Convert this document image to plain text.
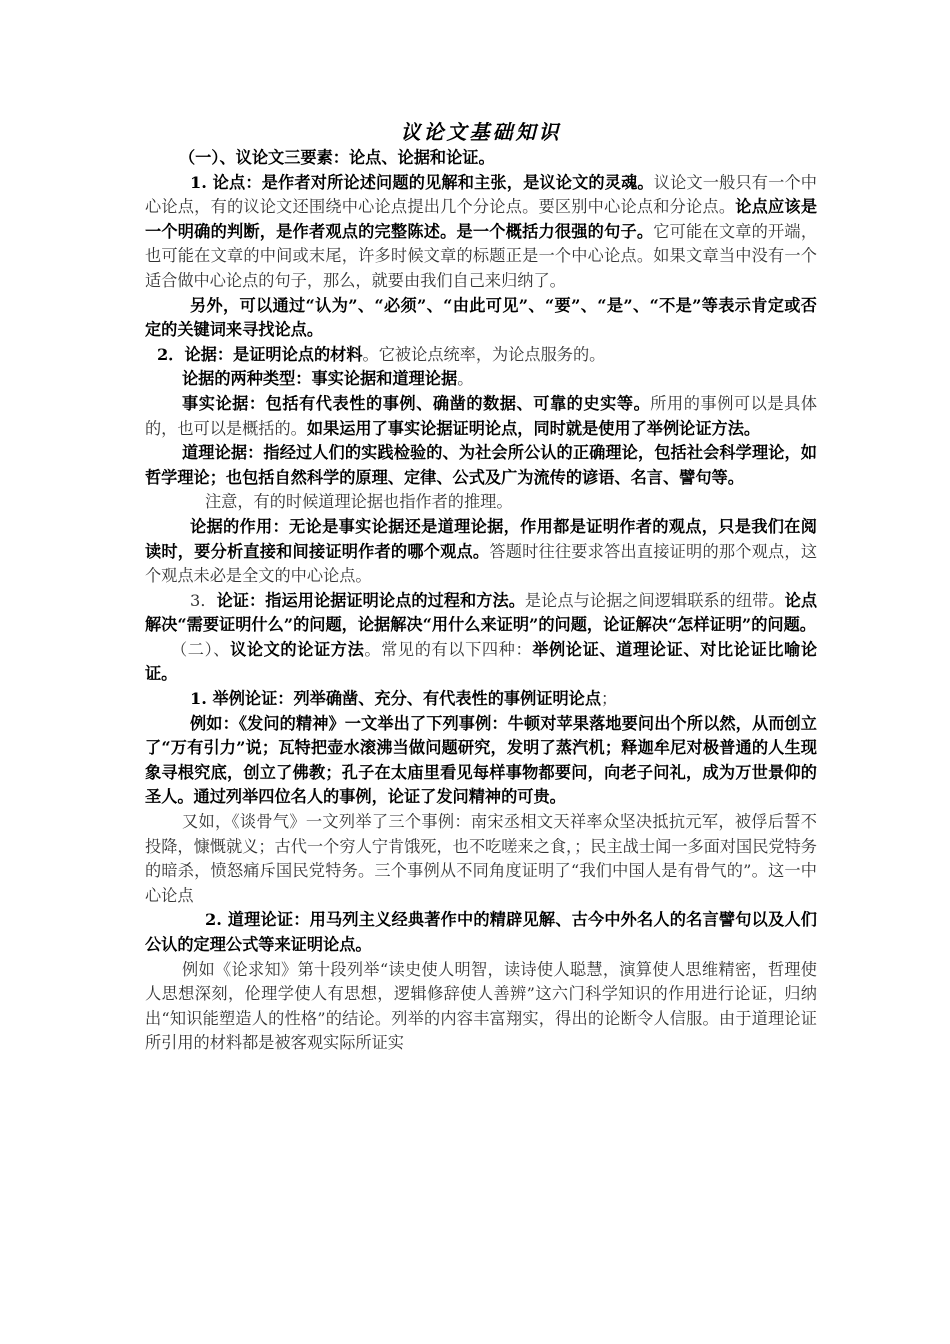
议论文基础知识

（一）、议论文三要素：论点、论据和论证。

1. 论点：是作者对所论述问题的见解和主张，是议论文的灵魂。议论文一般只有一个中心论点，有的议论文还围绕中心论点提出几个分论点。要区别中心论点和分论点。论点应该是一个明确的判断，是作者观点的完整陈述。是一个概括力很强的句子。它可能在文章的开端，也可能在文章的中间或末尾，许多时候文章的标题正是一个中心论点。如果文章当中没有一个适合做中心论点的句子，那么，就要由我们自己来归纳了。

另外，可以通过“认为”、“必须”、“由此可见”、“要”、“是”、“不是”等表示肯定或否定的关键词来寻找论点。

2．论据：是证明论点的材料。它被论点统率，为论点服务的。

论据的两种类型：事实论据和道理论据。

事实论据：包括有代表性的事例、确凿的数据、可靠的史实等。所用的事例可以是具体的，也可以是概括的。如果运用了事实论据证明论点，同时就是使用了举例论证方法。

道理论据：指经过人们的实践检验的、为社会所公认的正确理论，包括社会科学理论，如哲学理论；也包括自然科学的原理、定律、公式及广为流传的谚语、名言、譬句等。

注意，有的时候道理论据也指作者的推理。

论据的作用：无论是事实论据还是道理论据，作用都是证明作者的观点，只是我们在阅读时，要分析直接和间接证明作者的哪个观点。答题时往往要求答出直接证明的那个观点，这个观点未必是全文的中心论点。

3．论证：指运用论据证明论点的过程和方法。是论点与论据之间逻辑联系的纽带。论点解决“需要证明什么”的问题，论据解决“用什么来证明”的问题，论证解决“怎样证明”的问题。

（二）、议论文的论证方法。常见的有以下四种：举例论证、道理论证、对比论证比喻论证。

1. 举例论证：列举确凿、充分、有代表性的事例证明论点；

例如：《发问的精神》一文举出了下列事例：牛顿对苹果落地要问出个所以然，从而创立了“万有引力”说；瓦特把壶水滚沸当做问题研究，发明了蒸汽机；释迦牟尼对极普通的人生现象寻根究底，创立了佛教；孔子在太庙里看见每样事物都要问，向老子问礼，成为万世景仰的圣人。通过列举四位名人的事例，论证了发问精神的可贵。

又如，《谈骨气》一文列举了三个事例：南宋丞相文天祥率众坚决抵抗元军，被俘后誓不投降，慷慨就义；古代一个穷人宁肯饿死，也不吃嗟来之食，；民主战士闻一多面对国民党特务的暗杀，愤怒痛斥国民党特务。三个事例从不同角度证明了“我们中国人是有骨气的”。这一中心论点

2. 道理论证：用马列主义经典著作中的精辟见解、古今中外名人的名言譬句以及人们公认的定理公式等来证明论点。

例如《论求知》第十段列举“读史使人明智，读诗使人聪慧，演算使人思维精密，哲理使人思想深刻，伦理学使人有思想，逻辑修辞使人善辨”这六门科学知识的作用进行论证，归纳出“知识能塑造人的性格”的结论。列举的内容丰富翔实，得出的论断令人信服。由于道理论证所引用的材料都是被客观实际所证实
